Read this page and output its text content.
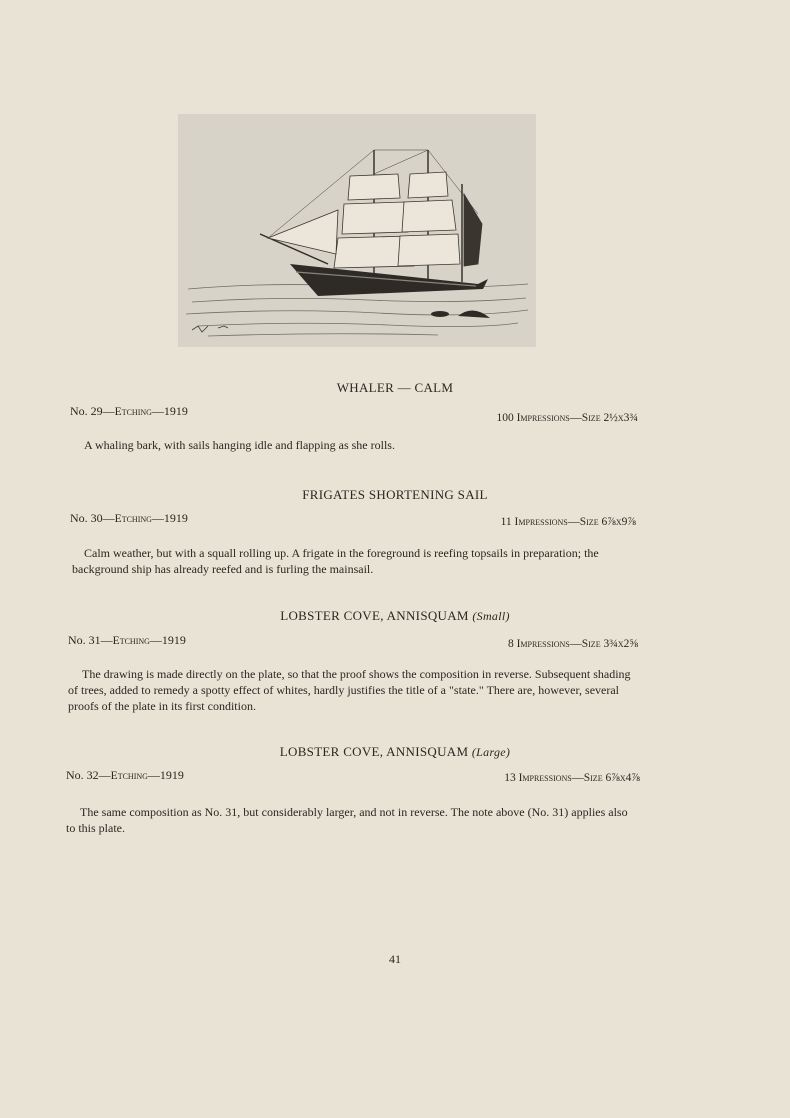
WHALER — CALM
No. 29—Etching—1919	100 Impressions—Size 2½x3¾
A whaling bark, with sails hanging idle and flapping as she rolls.
FRIGATES SHORTENING SAIL
No. 30—Etching—1919	11 Impressions—Size 6⅞x9⅞
Calm weather, but with a squall rolling up. A frigate in the foreground is reefing topsails in preparation; the background ship has already reefed and is furling the mainsail.
LOBSTER COVE, ANNISQUAM (Small)
No. 31—Etching—1919	8 Impressions—Size 3¾x2⅝
The drawing is made directly on the plate, so that the proof shows the composition in reverse. Subsequent shading of trees, added to remedy a spotty effect of whites, hardly justifies the title of a "state." There are, however, several proofs of the plate in its first condition.
LOBSTER COVE, ANNISQUAM (Large)
No. 32—Etching—1919	13 Impressions—Size 6⅞x4⅞
The same composition as No. 31, but considerably larger, and not in reverse. The note above (No. 31) applies also to this plate.
41
